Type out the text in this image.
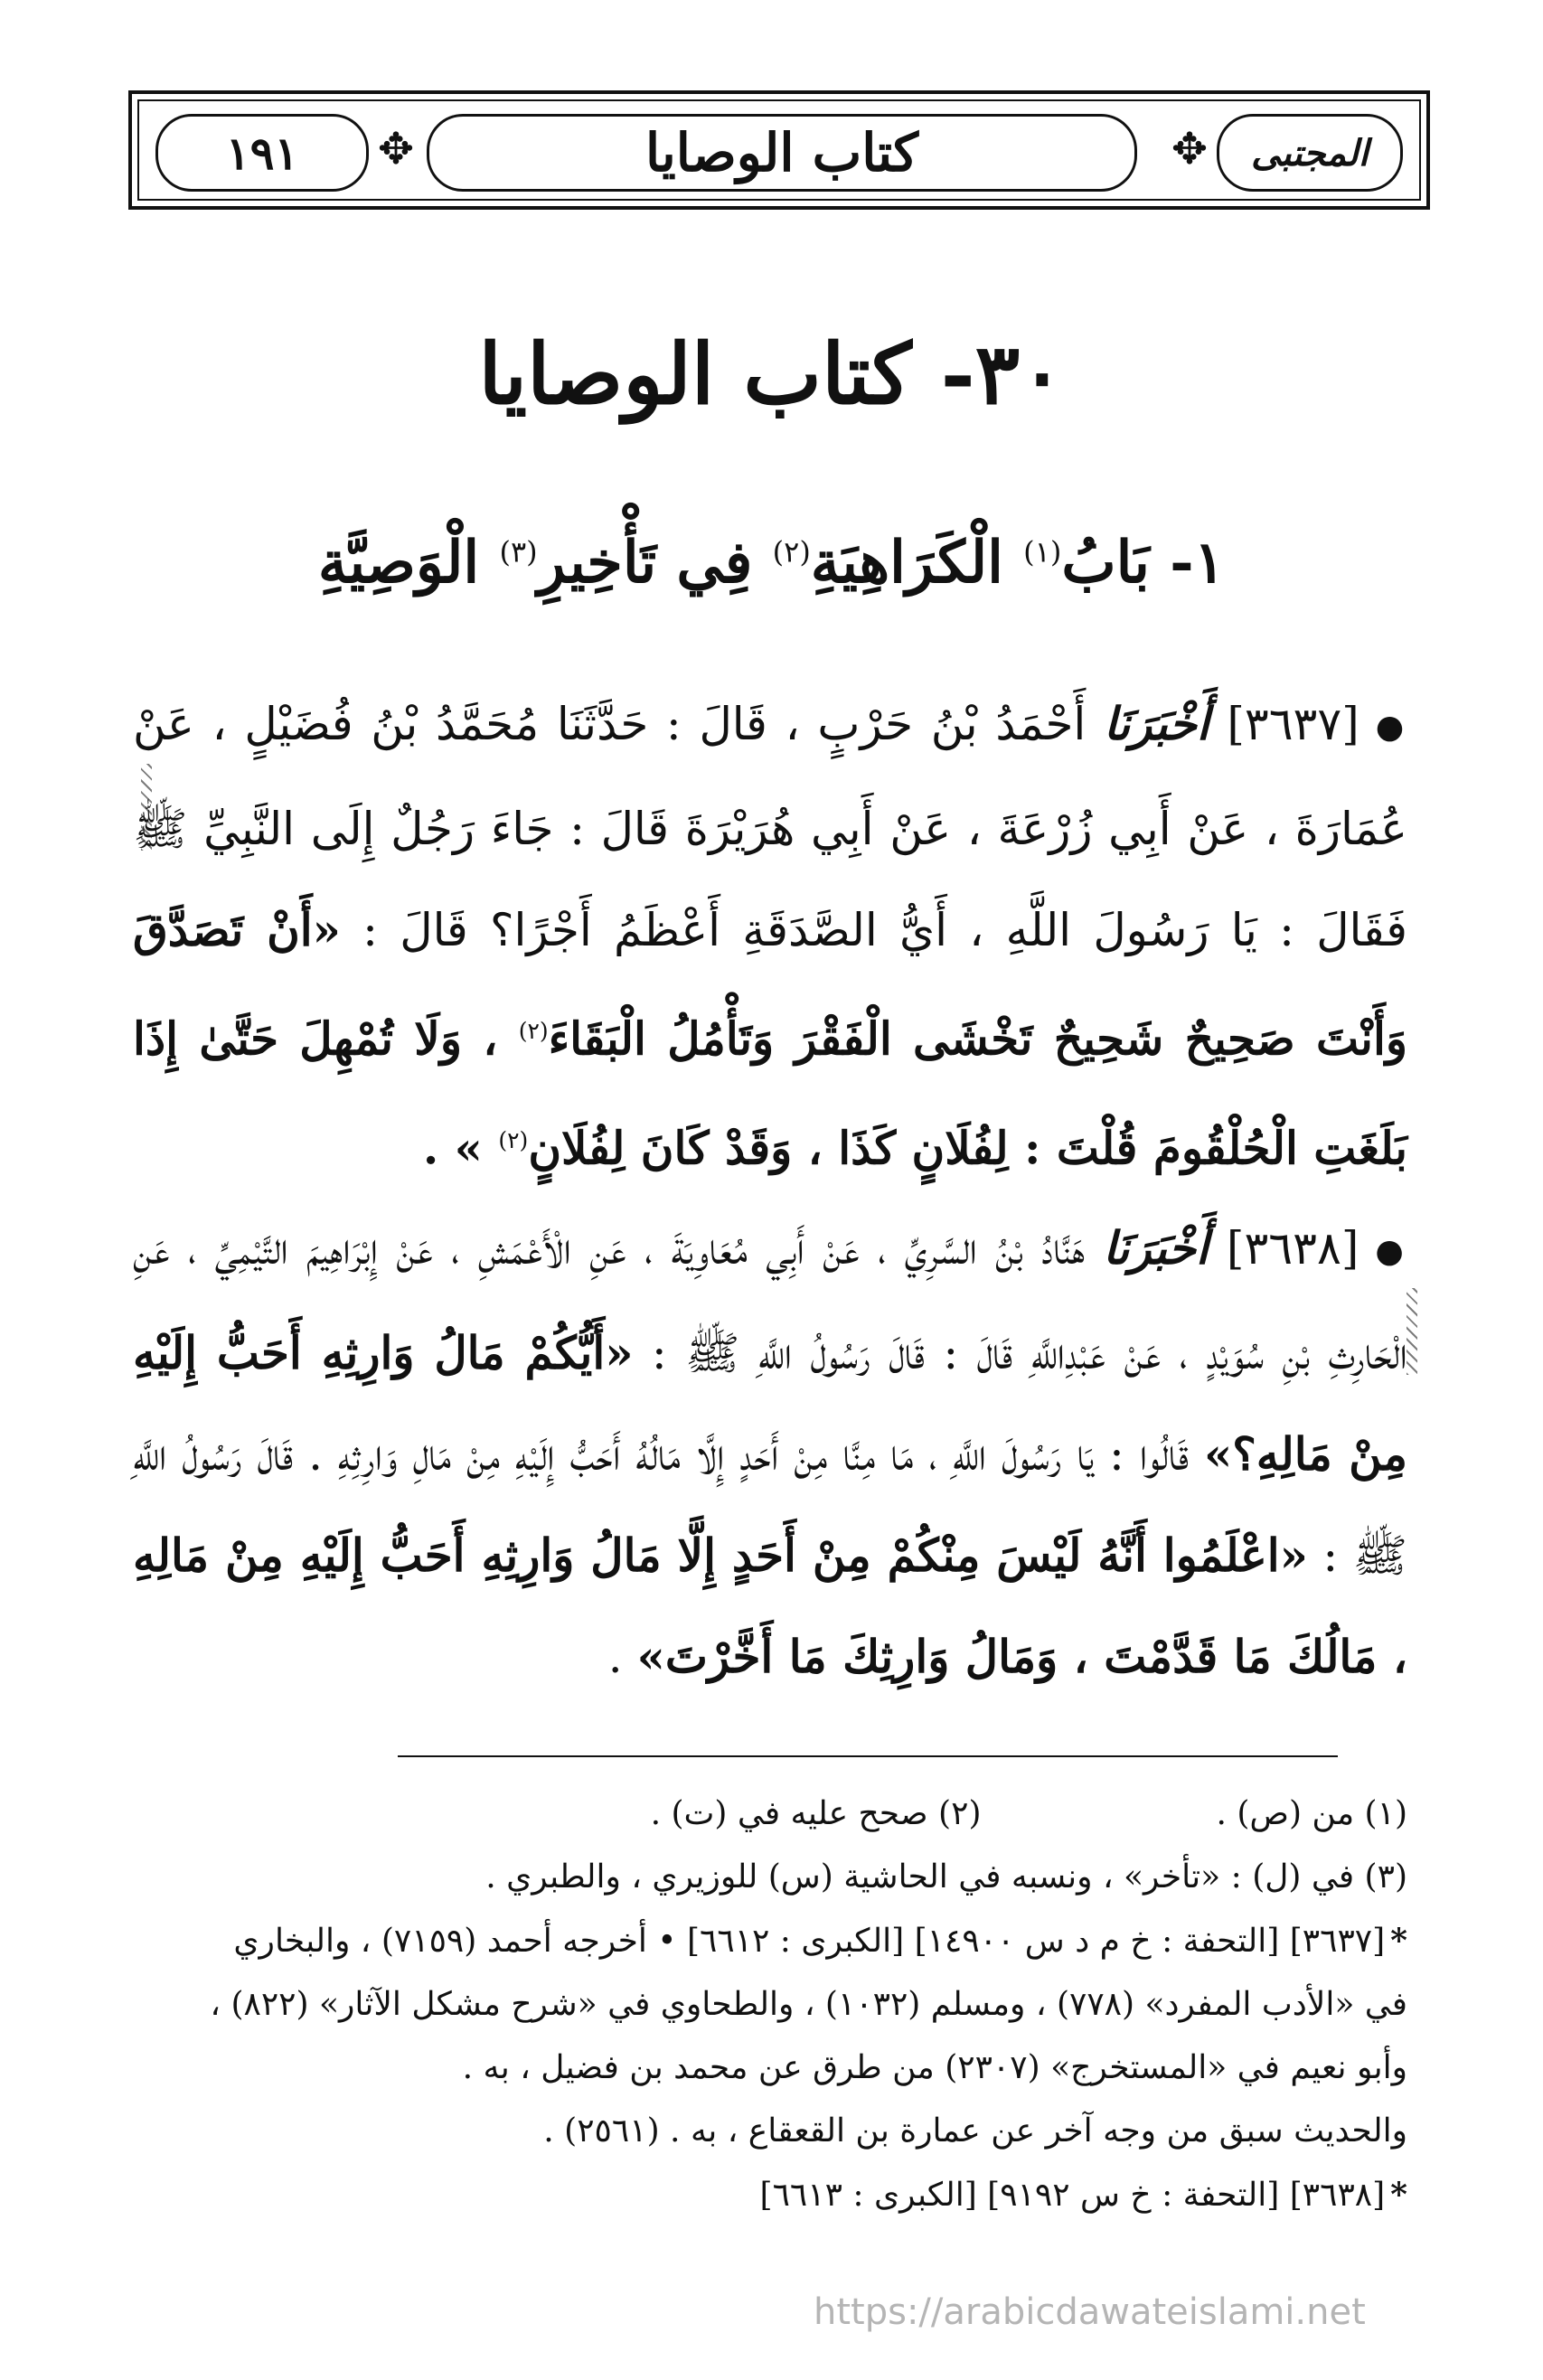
المجتبى
✥
كتاب الوصايا
✥
١٩١
٣٠- كتاب الوصايا
١- بَابُ$^{(١)}$ الْكَرَاهِيَةِ$^{(٢)}$ فِي تَأْخِيرِ$^{(٣)}$ الْوَصِيَّةِ
●[٣٦٣٧] أَخْبَرَنَا أَحْمَدُ بْنُ حَرْبٍ ، قَالَ : حَدَّثَنَا مُحَمَّدُ بْنُ فُضَيْلٍ ، عَنْ عُمَارَةَ ، عَنْ أَبِي زُرْعَةَ ، عَنْ أَبِي هُرَيْرَةَ قَالَ : جَاءَ رَجُلٌ إِلَى النَّبِيِّ ﷺ فَقَالَ : يَا رَسُولَ اللَّهِ ، أَيُّ الصَّدَقَةِ أَعْظَمُ أَجْرًا؟ قَالَ : «أَنْ تَصَدَّقَ وَأَنْتَ صَحِيحٌ شَحِيحٌ تَخْشَى الْفَقْرَ وَتَأْمُلُ الْبَقَاءَ$^{(٢)}$ ، وَلَا تُمْهِلَ حَتَّىٰ إِذَا بَلَغَتِ الْحُلْقُومَ قُلْتَ : لِفُلَانٍ كَذَا ، وَقَدْ كَانَ لِفُلَانٍ$^{(٢)}$ » .
●[٣٦٣٨] أَخْبَرَنَا هَنَّادُ بْنُ السَّرِيِّ ، عَنْ أَبِي مُعَاوِيَةَ ، عَنِ الْأَعْمَشِ ، عَنْ إِبْرَاهِيمَ التَّيْمِيِّ ، عَنِ الْحَارِثِ بْنِ سُوَيْدٍ ، عَنْ عَبْدِاللَّهِ قَالَ : قَالَ رَسُولُ اللَّهِ ﷺ : «أَيُّكُمْ مَالُ وَارِثِهِ أَحَبُّ إِلَيْهِ مِنْ مَالِهِ؟» قَالُوا : يَا رَسُولَ اللَّهِ ، مَا مِنَّا مِنْ أَحَدٍ إِلَّا مَالُهُ أَحَبُّ إِلَيْهِ مِنْ مَالِ وَارِثِهِ . قَالَ رَسُولُ اللَّهِ ﷺ : «اعْلَمُوا أَنَّهُ لَيْسَ مِنْكُمْ مِنْ أَحَدٍ إِلَّا مَالُ وَارِثِهِ أَحَبُّ إِلَيْهِ مِنْ مَالِهِ ، مَالُكَ مَا قَدَّمْتَ ، وَمَالُ وَارِثِكَ مَا أَخَّرْتَ» .
(١) من (ص) .
(٢) صحح عليه في (ت) .
(٣) في (ل) : «تأخر» ، ونسبه في الحاشية (س) للوزيري ، والطبري .
*[٣٦٣٧] [التحفة : خ م د س ١٤٩٠٠] [الكبرى : ٦٦١٢] • أخرجه أحمد (٧١٥٩) ، والبخاري
في «الأدب المفرد» (٧٧٨) ، ومسلم (١٠٣٢) ، والطحاوي في «شرح مشكل الآثار» (٨٢٢) ،
وأبو نعيم في «المستخرج» (٢٣٠٧) من طرق عن محمد بن فضيل ، به .
والحديث سبق من وجه آخر عن عمارة بن القعقاع ، به . (٢٥٦١) .
*[٣٦٣٨] [التحفة : خ س ٩١٩٢] [الكبرى : ٦٦١٣]
https://arabicdawateislami.net
